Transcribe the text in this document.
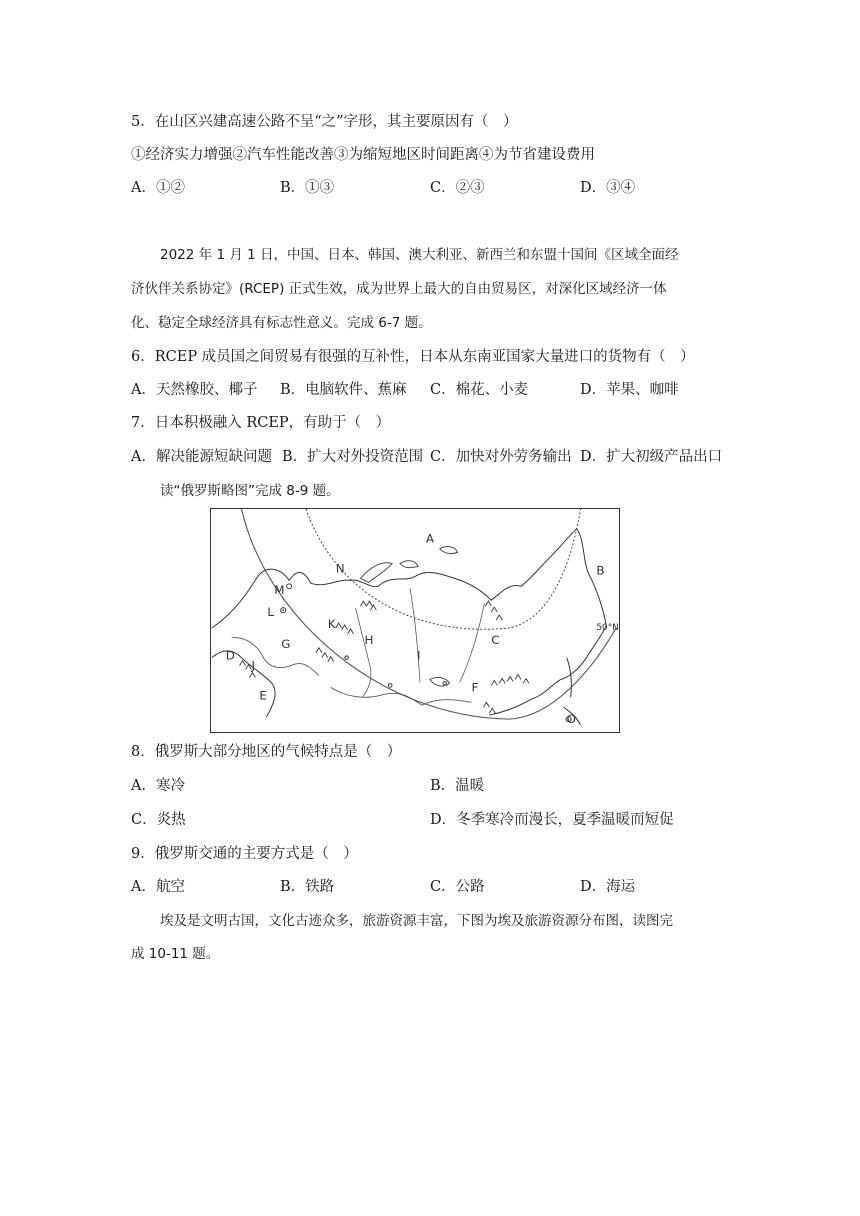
5．在山区兴建高速公路不呈“之”字形，其主要原因有（　）
①经济实力增强②汽车性能改善③为缩短地区时间距离④为节省建设费用
A．①②	B．①③	C．②③	D．③④
2022 年 1 月 1 日，中国、日本、韩国、澳大利亚、新西兰和东盟十国间《区域全面经
济伙伴关系协定》(RCEP) 正式生效，成为世界上最大的自由贸易区，对深化区域经济一体
化、稳定全球经济具有标志性意义。完成 6-7 题。
6．RCEP 成员国之间贸易有很强的互补性，日本从东南亚国家大量进口的货物有（　）
A．天然橡胶、椰子 B．电脑软件、蕉麻 C．棉花、小麦	D．苹果、咖啡
7．日本积极融入 RCEP，有助于（　）
A．解决能源短缺问题 B．扩大对外投资范围 C．加快对外劳务输出 D．扩大初级产品出口
读“俄罗斯略图”完成 8-9 题。
A
B
C
D
E
F
G	H
I
J
K
L
M
N
O
50°N
8．俄罗斯大部分地区的气候特点是（　）
A．寒冷	B．温暖
C．炎热	D．冬季寒冷而漫长，夏季温暖而短促
9．俄罗斯交通的主要方式是（　）
A．航空	B．铁路	C．公路	D．海运
埃及是文明古国，文化古迹众多，旅游资源丰富，下图为埃及旅游资源分布图，读图完
成 10-11 题。
